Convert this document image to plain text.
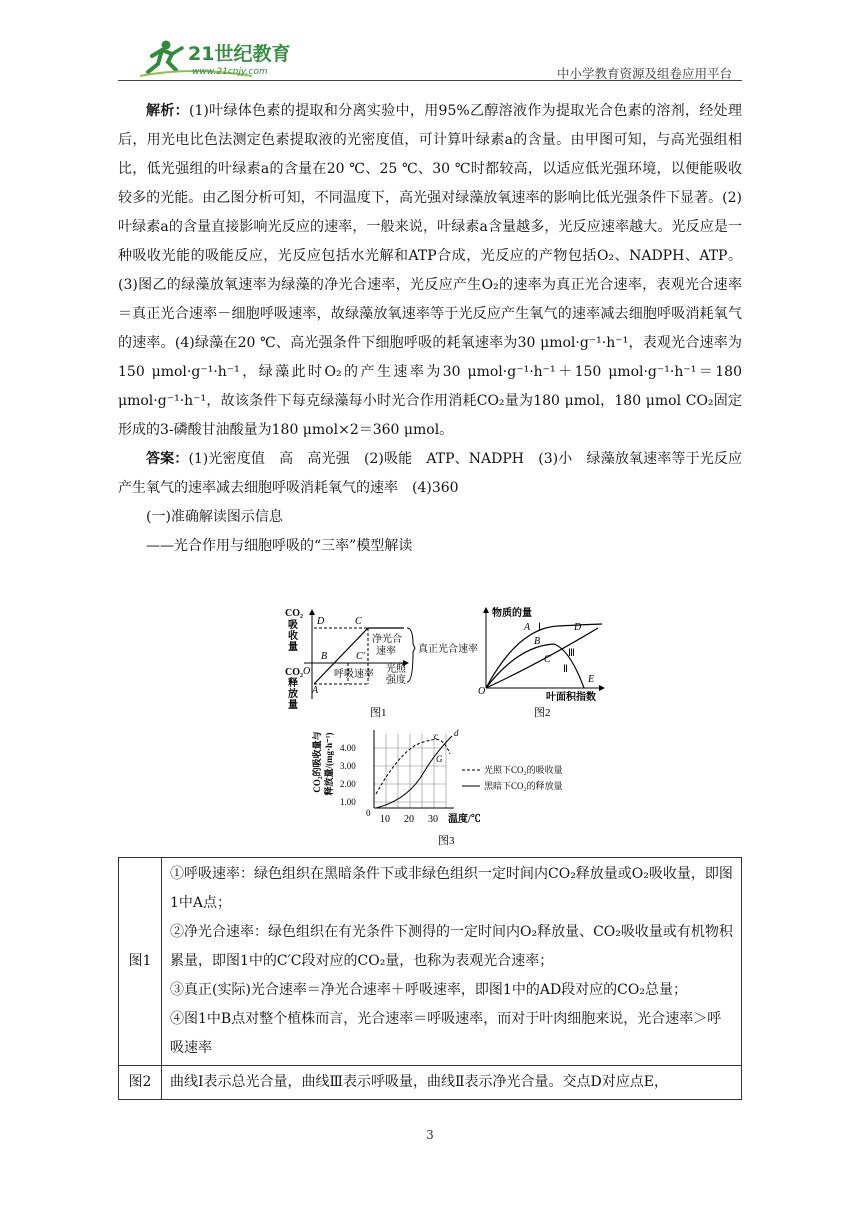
21世纪教育
www.21cnjy.com	中小学教育资源及组卷应用平台

解析：(1)叶绿体色素的提取和分离实验中，用95%乙醇溶液作为提取光合色素的溶剂，经处理后，用光电比色法测定色素提取液的光密度值，可计算叶绿素a的含量。由甲图可知，与高光强组相比，低光强组的叶绿素a的含量在20 ℃、25 ℃、30 ℃时都较高，以适应低光强环境，以便能吸收较多的光能。由乙图分析可知，不同温度下，高光强对绿藻放氧速率的影响比低光强条件下显著。(2)叶绿素a的含量直接影响光反应的速率，一般来说，叶绿素a含量越多，光反应速率越大。光反应是一种吸收光能的吸能反应，光反应包括水光解和ATP合成，光反应的产物包括O₂、NADPH、ATP。(3)图乙的绿藻放氧速率为绿藻的净光合速率，光反应产生O₂的速率为真正光合速率，表观光合速率＝真正光合速率－细胞呼吸速率，故绿藻放氧速率等于光反应产生氧气的速率减去细胞呼吸消耗氧气的速率。(4)绿藻在20 ℃、高光强条件下细胞呼吸的耗氧速率为30 μmol·g⁻¹·h⁻¹，表观光合速率为150 μmol·g⁻¹·h⁻¹，绿藻此时O₂的产生速率为30 μmol·g⁻¹·h⁻¹＋150 μmol·g⁻¹·h⁻¹＝180 μmol·g⁻¹·h⁻¹，故该条件下每克绿藻每小时光合作用消耗CO₂量为180 μmol，180 μmol CO₂固定形成的3-磷酸甘油酸量为180 μmol×2＝360 μmol。

答案：(1)光密度值　高　高光强　(2)吸能　ATP、NADPH　(3)小　绿藻放氧速率等于光反应产生氧气的速率减去细胞呼吸消耗氧气的速率　(4)360

(一)准确解读图示信息

——光合作用与细胞呼吸的“三率”模型解读

CO₂
吸
收
量
CO₂
释
放
量
D	C
B	C′
O
A
净光合
速率
呼吸速率
真正光合速率
光照
强度
图1
物质的量
叶面积指数
A
B
C
D
E
O
Ⅰ
Ⅱ
Ⅲ
图2
CO₂的吸收量与 释放量/(mg·h⁻¹) 4.00
3.00
2.00
1.00
0
10 20 30 温度/℃
c d
G
光照下CO₂的吸收量
黑暗下CO₂的释放量
图3
图1	①呼吸速率：绿色组织在黑暗条件下或非绿色组织一定时间内CO₂释放量或O₂吸收量，即图1中A点；

②净光合速率：绿色组织在有光条件下测得的一定时间内O₂释放量、CO₂吸收量或有机物积累量，即图1中的C′C段对应的CO₂量，也称为表观光合速率；

③真正(实际)光合速率＝净光合速率＋呼吸速率，即图1中的AD段对应的CO₂总量；

④图1中B点对整个植株而言，光合速率＝呼吸速率，而对于叶肉细胞来说，光合速率＞呼吸速率

图2	曲线Ⅰ表示总光合量，曲线Ⅲ表示呼吸量，曲线Ⅱ表示净光合量。交点D对应点E，
3
